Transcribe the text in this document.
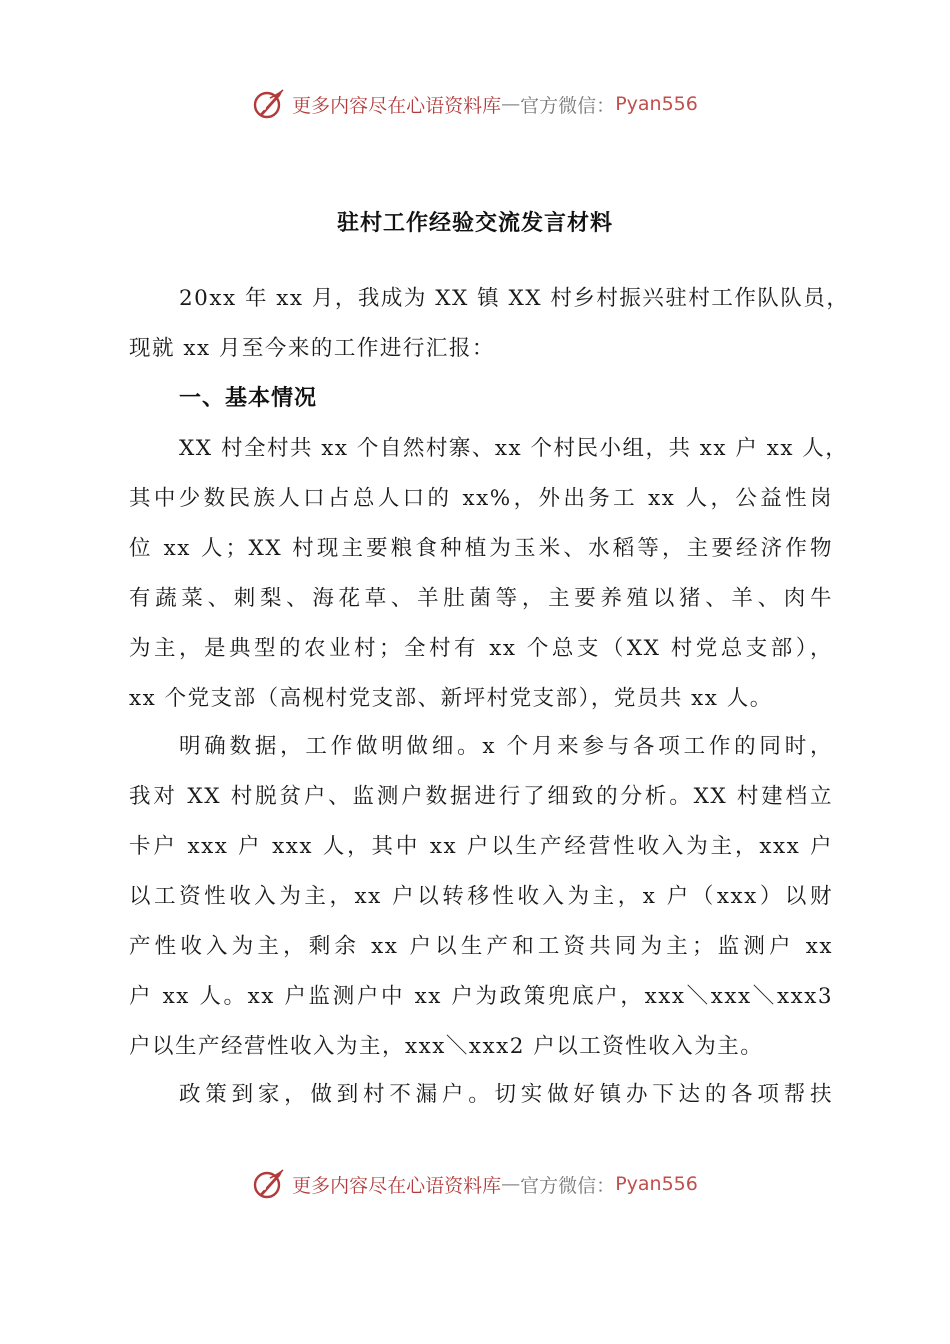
更多内容尽在心语资料库 — 官方微信： Pyan556
驻村工作经验交流发言材料
20xx 年 xx 月，我成为 XX 镇 XX 村乡村振兴驻村工作队队员，
现就 xx 月至今来的工作进行汇报：
一、基本情况
XX 村全村共 xx 个自然村寨、xx 个村民小组，共 xx 户 xx 人，
其中少数民族人口占总人口的 xx%，外出务工 xx 人，公益性岗
位 xx 人；XX 村现主要粮食种植为玉米、水稻等，主要经济作物
有蔬菜、刺梨、海花草、羊肚菌等，主要养殖以猪、羊、肉牛
为主，是典型的农业村；全村有 xx 个总支（XX 村党总支部），
xx 个党支部（高枧村党支部、新坪村党支部），党员共 xx 人。
明确数据，工作做明做细。x 个月来参与各项工作的同时，
我对 XX 村脱贫户、监测户数据进行了细致的分析。XX 村建档立
卡户 xxx 户 xxx 人，其中 xx 户以生产经营性收入为主，xxx 户
以工资性收入为主，xx 户以转移性收入为主，x 户（xxx）以财
产性收入为主，剩余 xx 户以生产和工资共同为主；监测户 xx
户 xx 人。xx 户监测户中 xx 户为政策兜底户，xxx＼xxx＼xxx3
户以生产经营性收入为主，xxx＼xxx2 户以工资性收入为主。
政策到家，做到村不漏户。切实做好镇办下达的各项帮扶
更多内容尽在心语资料库 — 官方微信： Pyan556
